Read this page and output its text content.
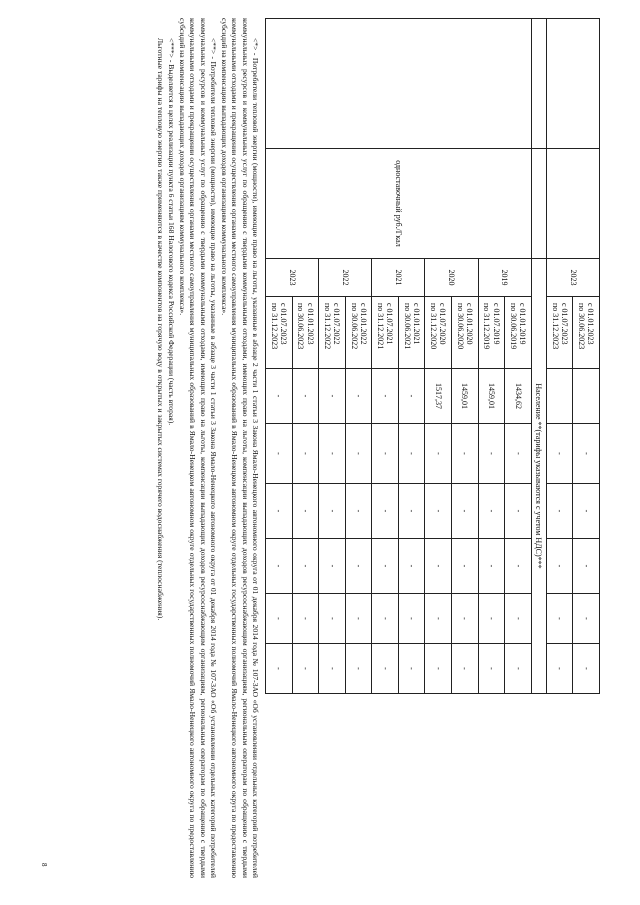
		2023	с 01.01.2023
по 30.06.2023		-	-	-	-	-

			с 01.07.2023
по 31.12.2023		-	-	-	-	-
		Население **(тарифы указываются с учетом НДС)***							
	одноставочный руб./Гкал	2019	с 01.01.2019
по 30.06.2019	1434,62	-	-	-	-	-

			с 01.07.2019
по 31.12.2019	1459,01	-	-	-	-	-
		2020	с 01.01.2020
по 30.06.2020	1459,01	-	-	-	-	-

			с 01.07.2020
по 31.12.2020	1517,37	-	-	-	-	-
		2021	с 01.01.2021
по 30.06.2021	-	-	-	-	-	-

			с 01.07.2021
по 31.12.2021	-	-	-	-	-	-
		2022	с 01.01.2022
по 30.06.2022	-	-	-	-	-	-

			с 01.07.2022
по 31.12.2022	-	-	-	-	-	-
		2023	с 01.01.2023
по 30.06.2023	-	-	-	-	-	-

			с 01.07.2023
по 31.12.2023	-	-	-	-	-	-

<*> - Потребители тепловой энергии (мощности), имеющие право на льготы, указанные в абзаце 2 части 1 статьи 3 Закона Ямало-Ненецкого автономного округа от 01 декабря 2014 года № 107-ЗАО «Об установлении отдельных категорий потребителей коммунальных ресурсов и коммунальных услуг по обращению с твердыми коммунальными отходами, имеющих право на льготы, компенсации выпадающих доходов ресурсоснабжающим организациям, региональным операторам по обращению с твердыми коммунальными отходами и прекращении осуществления органами местного самоуправления муниципальных образований в Ямало-Ненецком автономном округе отдельных государственных полномочий Ямало-Ненецкого автономного округа по предоставлению субсидий на компенсацию выпадающих доходов организациям коммунального комплекса».

<**> - Потребители тепловой энергии (мощности), имеющие право на льготы, указанные в абзаце 3 части 1 статьи 3 Закона Ямало-Ненецкого автономного округа от 01 декабря 2014 года № 107-ЗАО «Об установлении отдельных категорий потребителей коммунальных ресурсов и коммунальных услуг по обращению с твердыми коммунальными отходами, имеющих право на льготы, компенсации выпадающих доходов ресурсоснабжающим организациям, региональным операторам по обращению с твердыми коммунальными отходами и прекращении осуществления органами местного самоуправления муниципальных образований в Ямало-Ненецком автономном округе отдельных государственных полномочий Ямало-Ненецкого автономного округа по предоставлению субсидий на компенсацию выпадающих доходов организациям коммунального комплекса».

<***> - Выделяется в целях реализации пункта 6 статьи 168 Налогового кодекса Российской Федерации (часть вторая).

Льготные тарифы на тепловую энергию также применяются в качестве компонентов на горячую воду в открытых и закрытых системах горячего водоснабжения (теплоснабжения).

8
